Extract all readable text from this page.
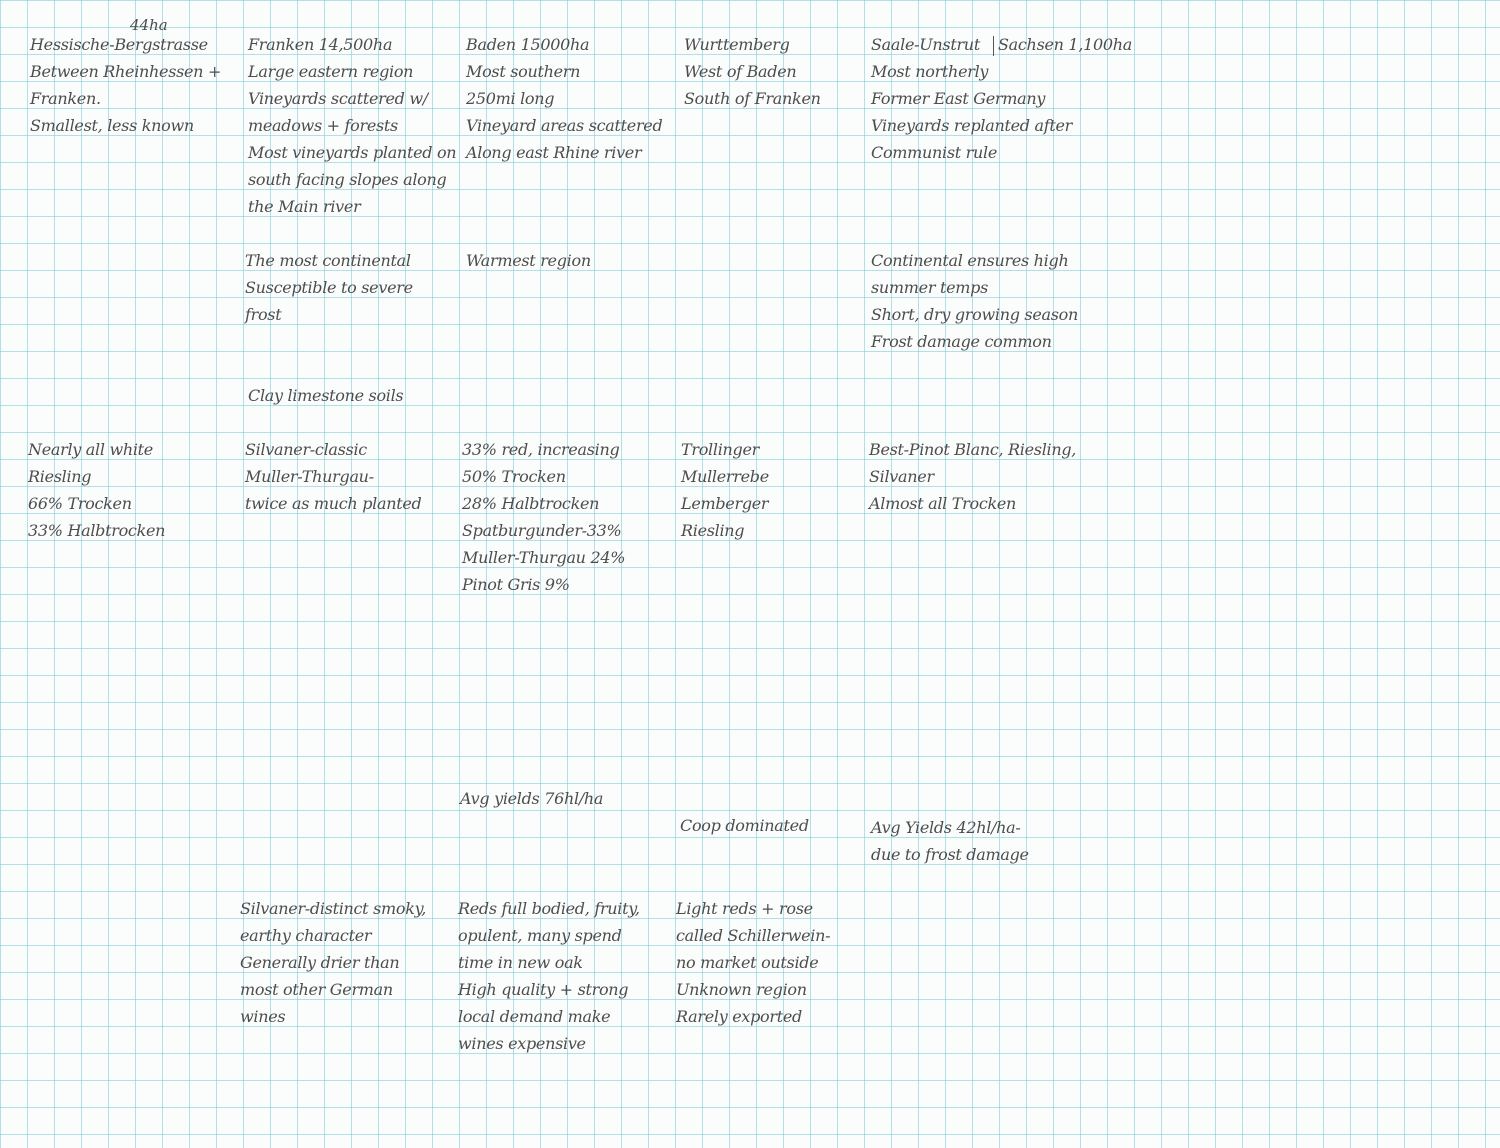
44ha
Hessische-Bergstrasse
Between Rheinhessen +
Franken.
Smallest, less known
Franken 14,500ha
Large eastern region
Vineyards scattered w/
meadows + forests
Most vineyards planted on
south facing slopes along
the Main river
Baden 15000ha
Most southern
250mi long
Vineyard areas scattered
Along east Rhine river
Wurttemberg
West of Baden
South of Franken
Saale-Unstrut
Most northerly
Former East Germany
Vineyards replanted after
Communist rule
Sachsen 1,100ha
The most continental
Susceptible to severe
frost
Warmest region	Continental ensures high
summer temps
Short, dry growing season
Frost damage common
Clay limestone soils
Nearly all white
Riesling
66% Trocken
33% Halbtrocken
Silvaner-classic
Muller-Thurgau-
twice as much planted
33% red, increasing
50% Trocken
28% Halbtrocken
Spatburgunder-33%
Muller-Thurgau 24%
Pinot Gris 9%
Trollinger
Mullerrebe
Lemberger
Riesling
Best-Pinot Blanc, Riesling,
Silvaner
Almost all Trocken
Avg yields 76hl/ha
Coop dominated	Avg Yields 42hl/ha-
due to frost damage
Silvaner-distinct smoky,
earthy character
Generally drier than
most other German
wines
Reds full bodied, fruity,
opulent, many spend
time in new oak
High quality + strong
local demand make
wines expensive
Light reds + rose
called Schillerwein-
no market outside
Unknown region
Rarely exported
